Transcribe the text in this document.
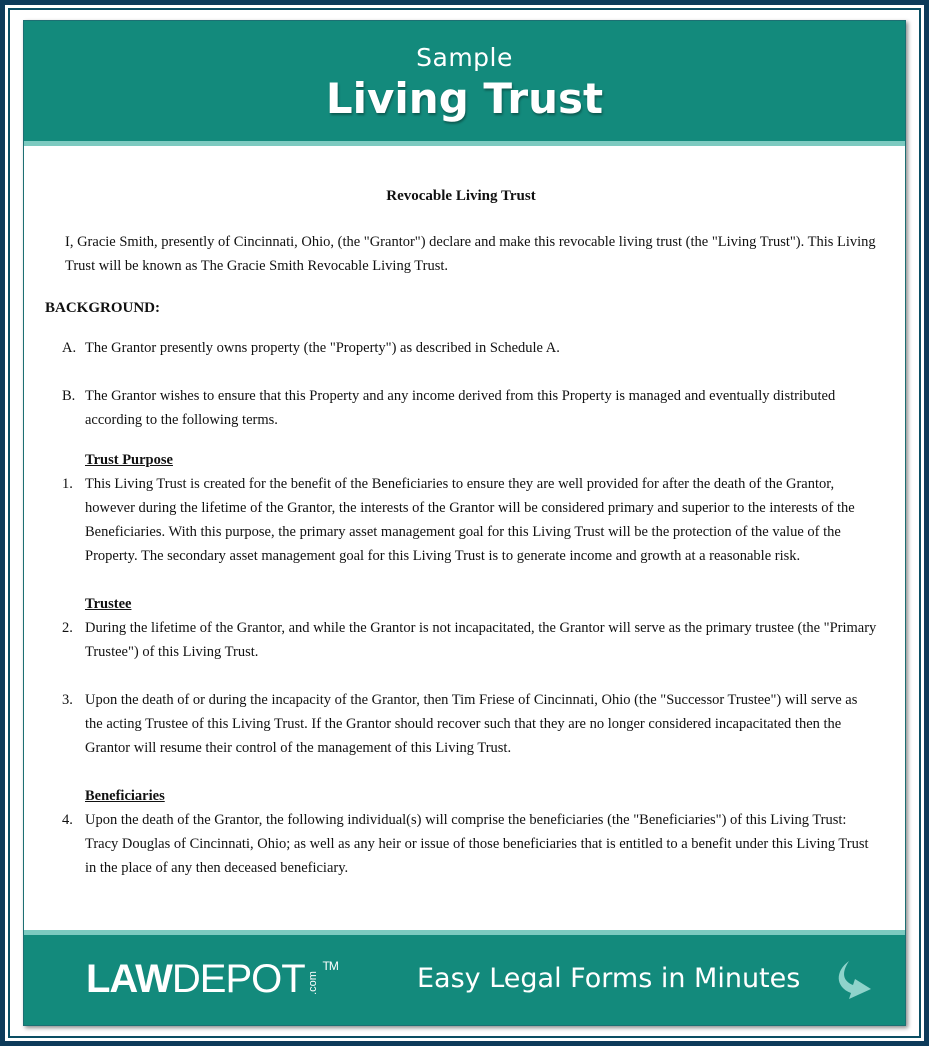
Sample
Living Trust
Revocable Living Trust
I, Gracie Smith, presently of Cincinnati, Ohio, (the "Grantor") declare and make this revocable living trust (the "Living Trust"). This Living Trust will be known as The Gracie Smith Revocable Living Trust.
BACKGROUND:
A. The Grantor presently owns property (the "Property") as described in Schedule A.
B. The Grantor wishes to ensure that this Property and any income derived from this Property is managed and eventually distributed according to the following terms.
Trust Purpose
1. This Living Trust is created for the benefit of the Beneficiaries to ensure they are well provided for after the death of the Grantor, however during the lifetime of the Grantor, the interests of the Grantor will be considered primary and superior to the interests of the Beneficiaries. With this purpose, the primary asset management goal for this Living Trust will be the protection of the value of the Property. The secondary asset management goal for this Living Trust is to generate income and growth at a reasonable risk.
Trustee
2. During the lifetime of the Grantor, and while the Grantor is not incapacitated, the Grantor will serve as the primary trustee (the "Primary Trustee") of this Living Trust.
3. Upon the death of or during the incapacity of the Grantor, then Tim Friese of Cincinnati, Ohio (the "Successor Trustee") will serve as the acting Trustee of this Living Trust. If the Grantor should recover such that they are no longer considered incapacitated then the Grantor will resume their control of the management of this Living Trust.
Beneficiaries
4. Upon the death of the Grantor, the following individual(s) will comprise the beneficiaries (the "Beneficiaries") of this Living Trust: Tracy Douglas of Cincinnati, Ohio; as well as any heir or issue of those beneficiaries that is entitled to a benefit under this Living Trust in the place of any then deceased beneficiary.
LAWDEPOT .com™	Easy Legal Forms in Minutes
